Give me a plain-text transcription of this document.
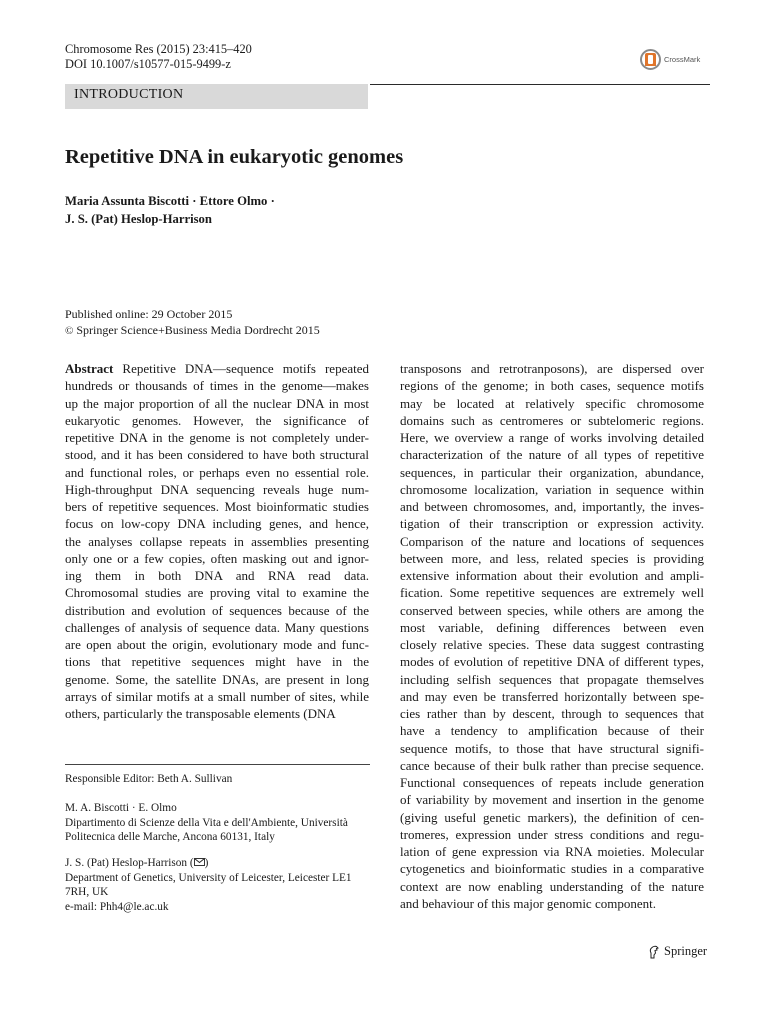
Chromosome Res (2015) 23:415–420
DOI 10.1007/s10577-015-9499-z	CrossMark
INTRODUCTION
Repetitive DNA in eukaryotic genomes
Maria Assunta Biscotti · Ettore Olmo ·
J. S. (Pat) Heslop-Harrison
Published online: 29 October 2015
© Springer Science+Business Media Dordrecht 2015
Abstract Repetitive DNA—sequence motifs repeated
hundreds or thousands of times in the genome—makes
up the major proportion of all the nuclear DNA in most
eukaryotic genomes. However, the significance of
repetitive DNA in the genome is not completely under-
stood, and it has been considered to have both structural
and functional roles, or perhaps even no essential role.
High-throughput DNA sequencing reveals huge num-
bers of repetitive sequences. Most bioinformatic studies
focus on low-copy DNA including genes, and hence,
the analyses collapse repeats in assemblies presenting
only one or a few copies, often masking out and ignor-
ing them in both DNA and RNA read data.
Chromosomal studies are proving vital to examine the
distribution and evolution of sequences because of the
challenges of analysis of sequence data. Many questions
are open about the origin, evolutionary mode and func-
tions that repetitive sequences might have in the
genome. Some, the satellite DNAs, are present in long
arrays of similar motifs at a small number of sites, while
others, particularly the transposable elements (DNA
transposons and retrotranposons), are dispersed over
regions of the genome; in both cases, sequence motifs
may be located at relatively specific chromosome
domains such as centromeres or subtelomeric regions.
Here, we overview a range of works involving detailed
characterization of the nature of all types of repetitive
sequences, in particular their organization, abundance,
chromosome localization, variation in sequence within
and between chromosomes, and, importantly, the inves-
tigation of their transcription or expression activity.
Comparison of the nature and locations of sequences
between more, and less, related species is providing
extensive information about their evolution and ampli-
fication. Some repetitive sequences are extremely well
conserved between species, while others are among the
most variable, defining differences between even
closely relative species. These data suggest contrasting
modes of evolution of repetitive DNA of different types,
including selfish sequences that propagate themselves
and may even be transferred horizontally between spe-
cies rather than by descent, through to sequences that
have a tendency to amplification because of their
sequence motifs, to those that have structural signifi-
cance because of their bulk rather than precise sequence.
Functional consequences of repeats include generation
of variability by movement and insertion in the genome
(giving useful genetic markers), the definition of cen-
tromeres, expression under stress conditions and regu-
lation of gene expression via RNA moieties. Molecular
cytogenetics and bioinformatic studies in a comparative
context are now enabling understanding of the nature
and behaviour of this major genomic component.
Responsible Editor: Beth A. Sullivan
M. A. Biscotti · E. Olmo
Dipartimento di Scienze della Vita e dell'Ambiente, Università
Politecnica delle Marche, Ancona 60131, Italy
J. S. (Pat) Heslop-Harrison ( )
Department of Genetics, University of Leicester, Leicester LE1
7RH, UK
e-mail: Phh4@le.ac.uk
Springer
